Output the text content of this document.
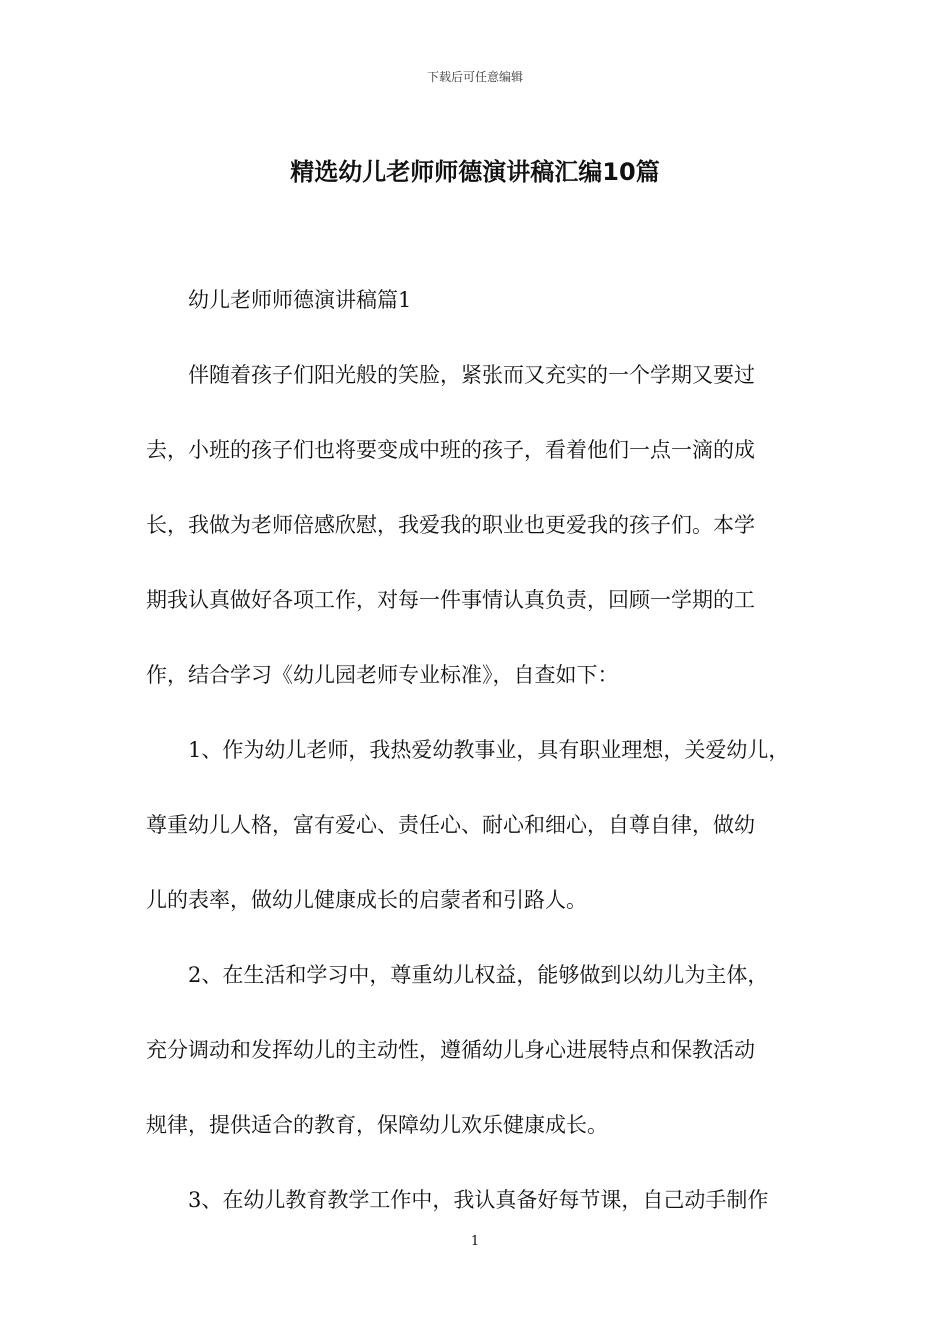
下载后可任意编辑
精选幼儿老师师德演讲稿汇编10篇
幼儿老师师德演讲稿篇1
伴随着孩子们阳光般的笑脸，紧张而又充实的一个学期又要过
去，小班的孩子们也将要变成中班的孩子，看着他们一点一滴的成
长，我做为老师倍感欣慰，我爱我的职业也更爱我的孩子们。本学
期我认真做好各项工作，对每一件事情认真负责，回顾一学期的工
作，结合学习《幼儿园老师专业标准》，自查如下：
1、作为幼儿老师，我热爱幼教事业，具有职业理想，关爱幼儿，
尊重幼儿人格，富有爱心、责任心、耐心和细心，自尊自律，做幼
儿的表率，做幼儿健康成长的启蒙者和引路人。
2、在生活和学习中，尊重幼儿权益，能够做到以幼儿为主体，
充分调动和发挥幼儿的主动性，遵循幼儿身心进展特点和保教活动
规律，提供适合的教育，保障幼儿欢乐健康成长。
3、在幼儿教育教学工作中，我认真备好每节课，自己动手制作
1
